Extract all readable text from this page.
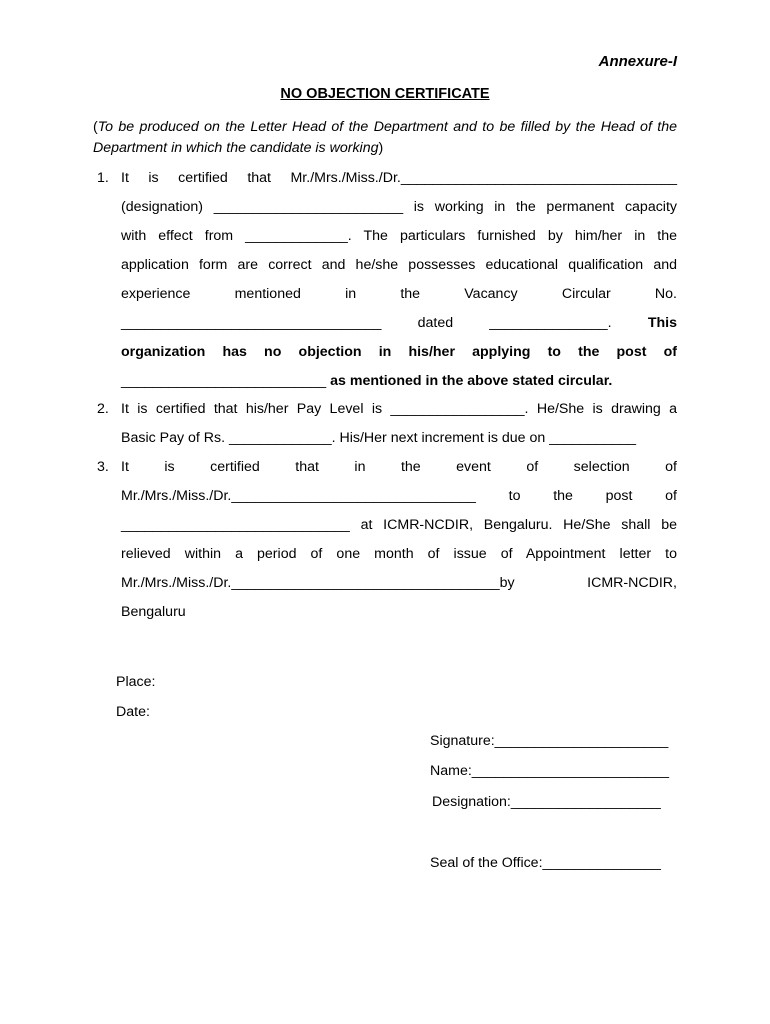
Annexure-I
NO OBJECTION CERTIFICATE
(To be produced on the Letter Head of the Department and to be filled by the Head of the Department in which the candidate is working)
1. It is certified that Mr./Mrs./Miss./Dr.___________________________________
(designation) ________________________ is working in the permanent capacity
with effect from _____________. The particulars furnished by him/her in the
application form are correct and he/she possesses educational qualification and
experience mentioned in the Vacancy Circular No.
_________________________________ dated _______________.	This
organization has no objection in his/her applying to the post of
__________________________ as mentioned in the above stated circular.
2. It is certified that his/her Pay Level is _________________. He/She is drawing a
Basic Pay of Rs. _____________. His/Her next increment is due on ___________
3. It is certified that in the event of selection of
Mr./Mrs./Miss./Dr._______________________________ to the post of
_____________________________ at ICMR-NCDIR, Bengaluru. He/She shall be
relieved within a period of one month of issue of Appointment letter to
Mr./Mrs./Miss./Dr.__________________________________by ICMR-NCDIR,
Bengaluru
Place:
Date:
Signature:______________________
Name:_________________________
Designation:___________________
Seal of the Office:_______________
